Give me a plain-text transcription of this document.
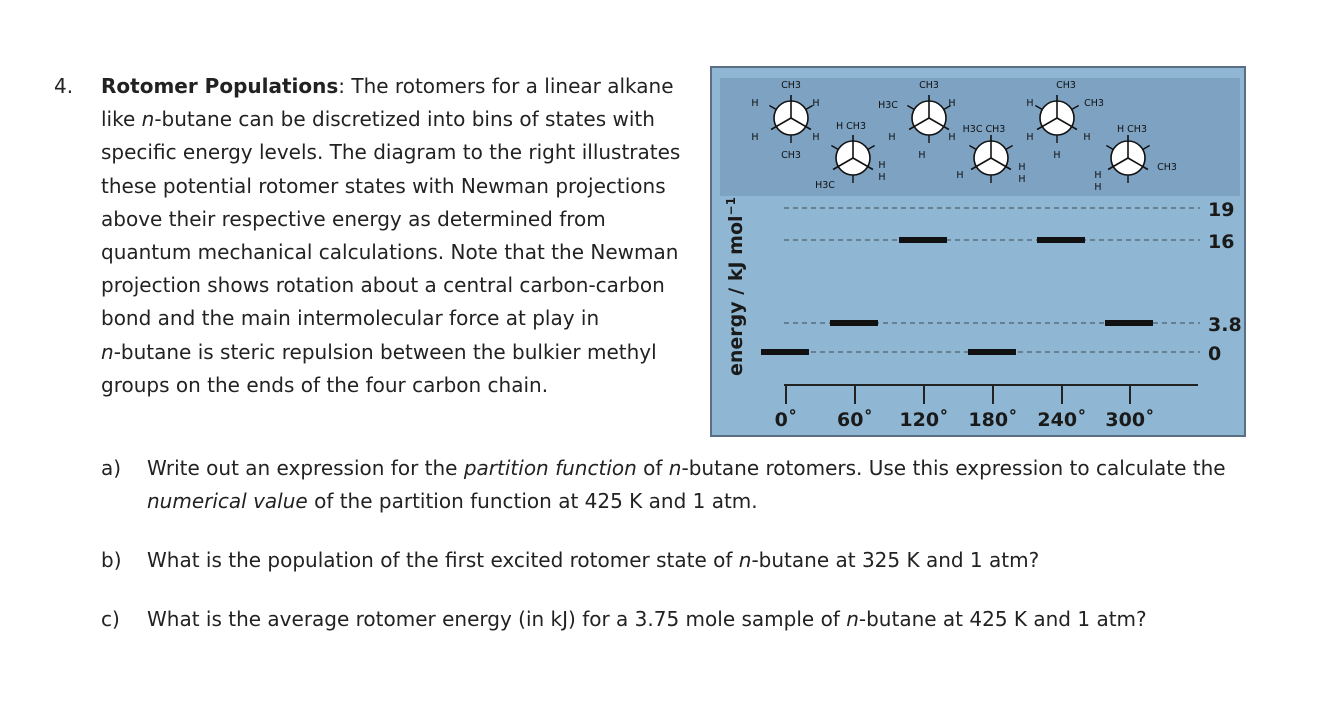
4. Rotomer Populations: The rotomers for a linear alkane
like n-butane can be discretized into bins of states with
specific energy levels. The diagram to the right illustrates
these potential rotomer states with Newman projections
above their respective energy as determined from
quantum mechanical calculations. Note that the Newman
projection shows rotation about a central carbon-carbon
bond and the main intermolecular force at play in
n-butane is steric repulsion between the bulkier methyl
groups on the ends of the four carbon chain.
19
16
3.8
0
0˚ 60˚ 120˚ 180˚ 240˚ 300˚
energy / kJ mol$^{-1}$
CH3
H	H
H	H
CH3
H CH3
H
H
H3C
CH3
H3C	H
H	H
H
H3C CH3
H
H
H
CH3
H	CH3
H	H
H
H CH3
H
CH3
H
a) Write out an expression for the partition function of n-butane rotomers. Use this expression to calculate the numerical value of the partition function at 425 K and 1 atm.
b) What is the population of the first excited rotomer state of n-butane at 325 K and 1 atm?
c) What is the average rotomer energy (in kJ) for a 3.75 mole sample of n-butane at 425 K and 1 atm?
